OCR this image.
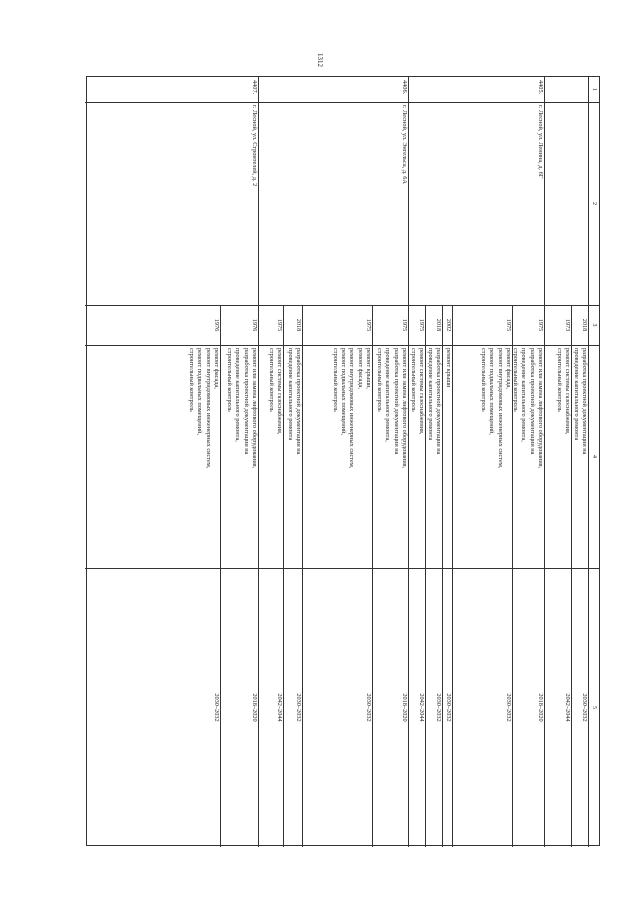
1312
1
2
3
4
5
2018
2030–2032
разработка проектной документации на
проведение капитального ремонта
1973
2042–2044
ремонт системы газоснабжения,
строительный контроль
4405.
г. Лесной, ул. Ленина, д. 6Г
1975
2018–2020
ремонт или замена лифтового оборудования,
разработка проектной документации на
проведение капитального ремонта,
строительный контроль
1975
2030–2032
ремонт фасада,
ремонт внутридомовых инженерных систем,
ремонт подвальных помещений,
строительный контроль
2002
2030–2032
ремонт крыши
2018
2030–2032
разработка проектной документации на
проведение капитального ремонта
1975
2042–2044
ремонт системы газоснабжения,
строительный контроль
4406.
г. Лесной, ул. Энгельса, д. 6А
1975
2018–2020
ремонт или замена лифтового оборудования,
разработка проектной документации на
проведение капитального ремонта,
строительный контроль
1975
2030–2032
ремонт крыши,
ремонт фасада,
ремонт внутридомовых инженерных систем,
ремонт подвальных помещений,
строительный контроль
2018
2030–2032
разработка проектной документации на
проведение капитального ремонта
1975
2042–2044
ремонт системы газоснабжения,
строительный контроль
4407.
г. Лесной, ул. Строителей, д. 2
1976
2018–2020
ремонт или замена лифтового оборудования,
разработка проектной документации на
проведение капитального ремонта,
строительный контроль
1976
2030–2032
ремонт фасада,
ремонт внутридомовых инженерных систем,
ремонт подвальных помещений,
строительный контроль
